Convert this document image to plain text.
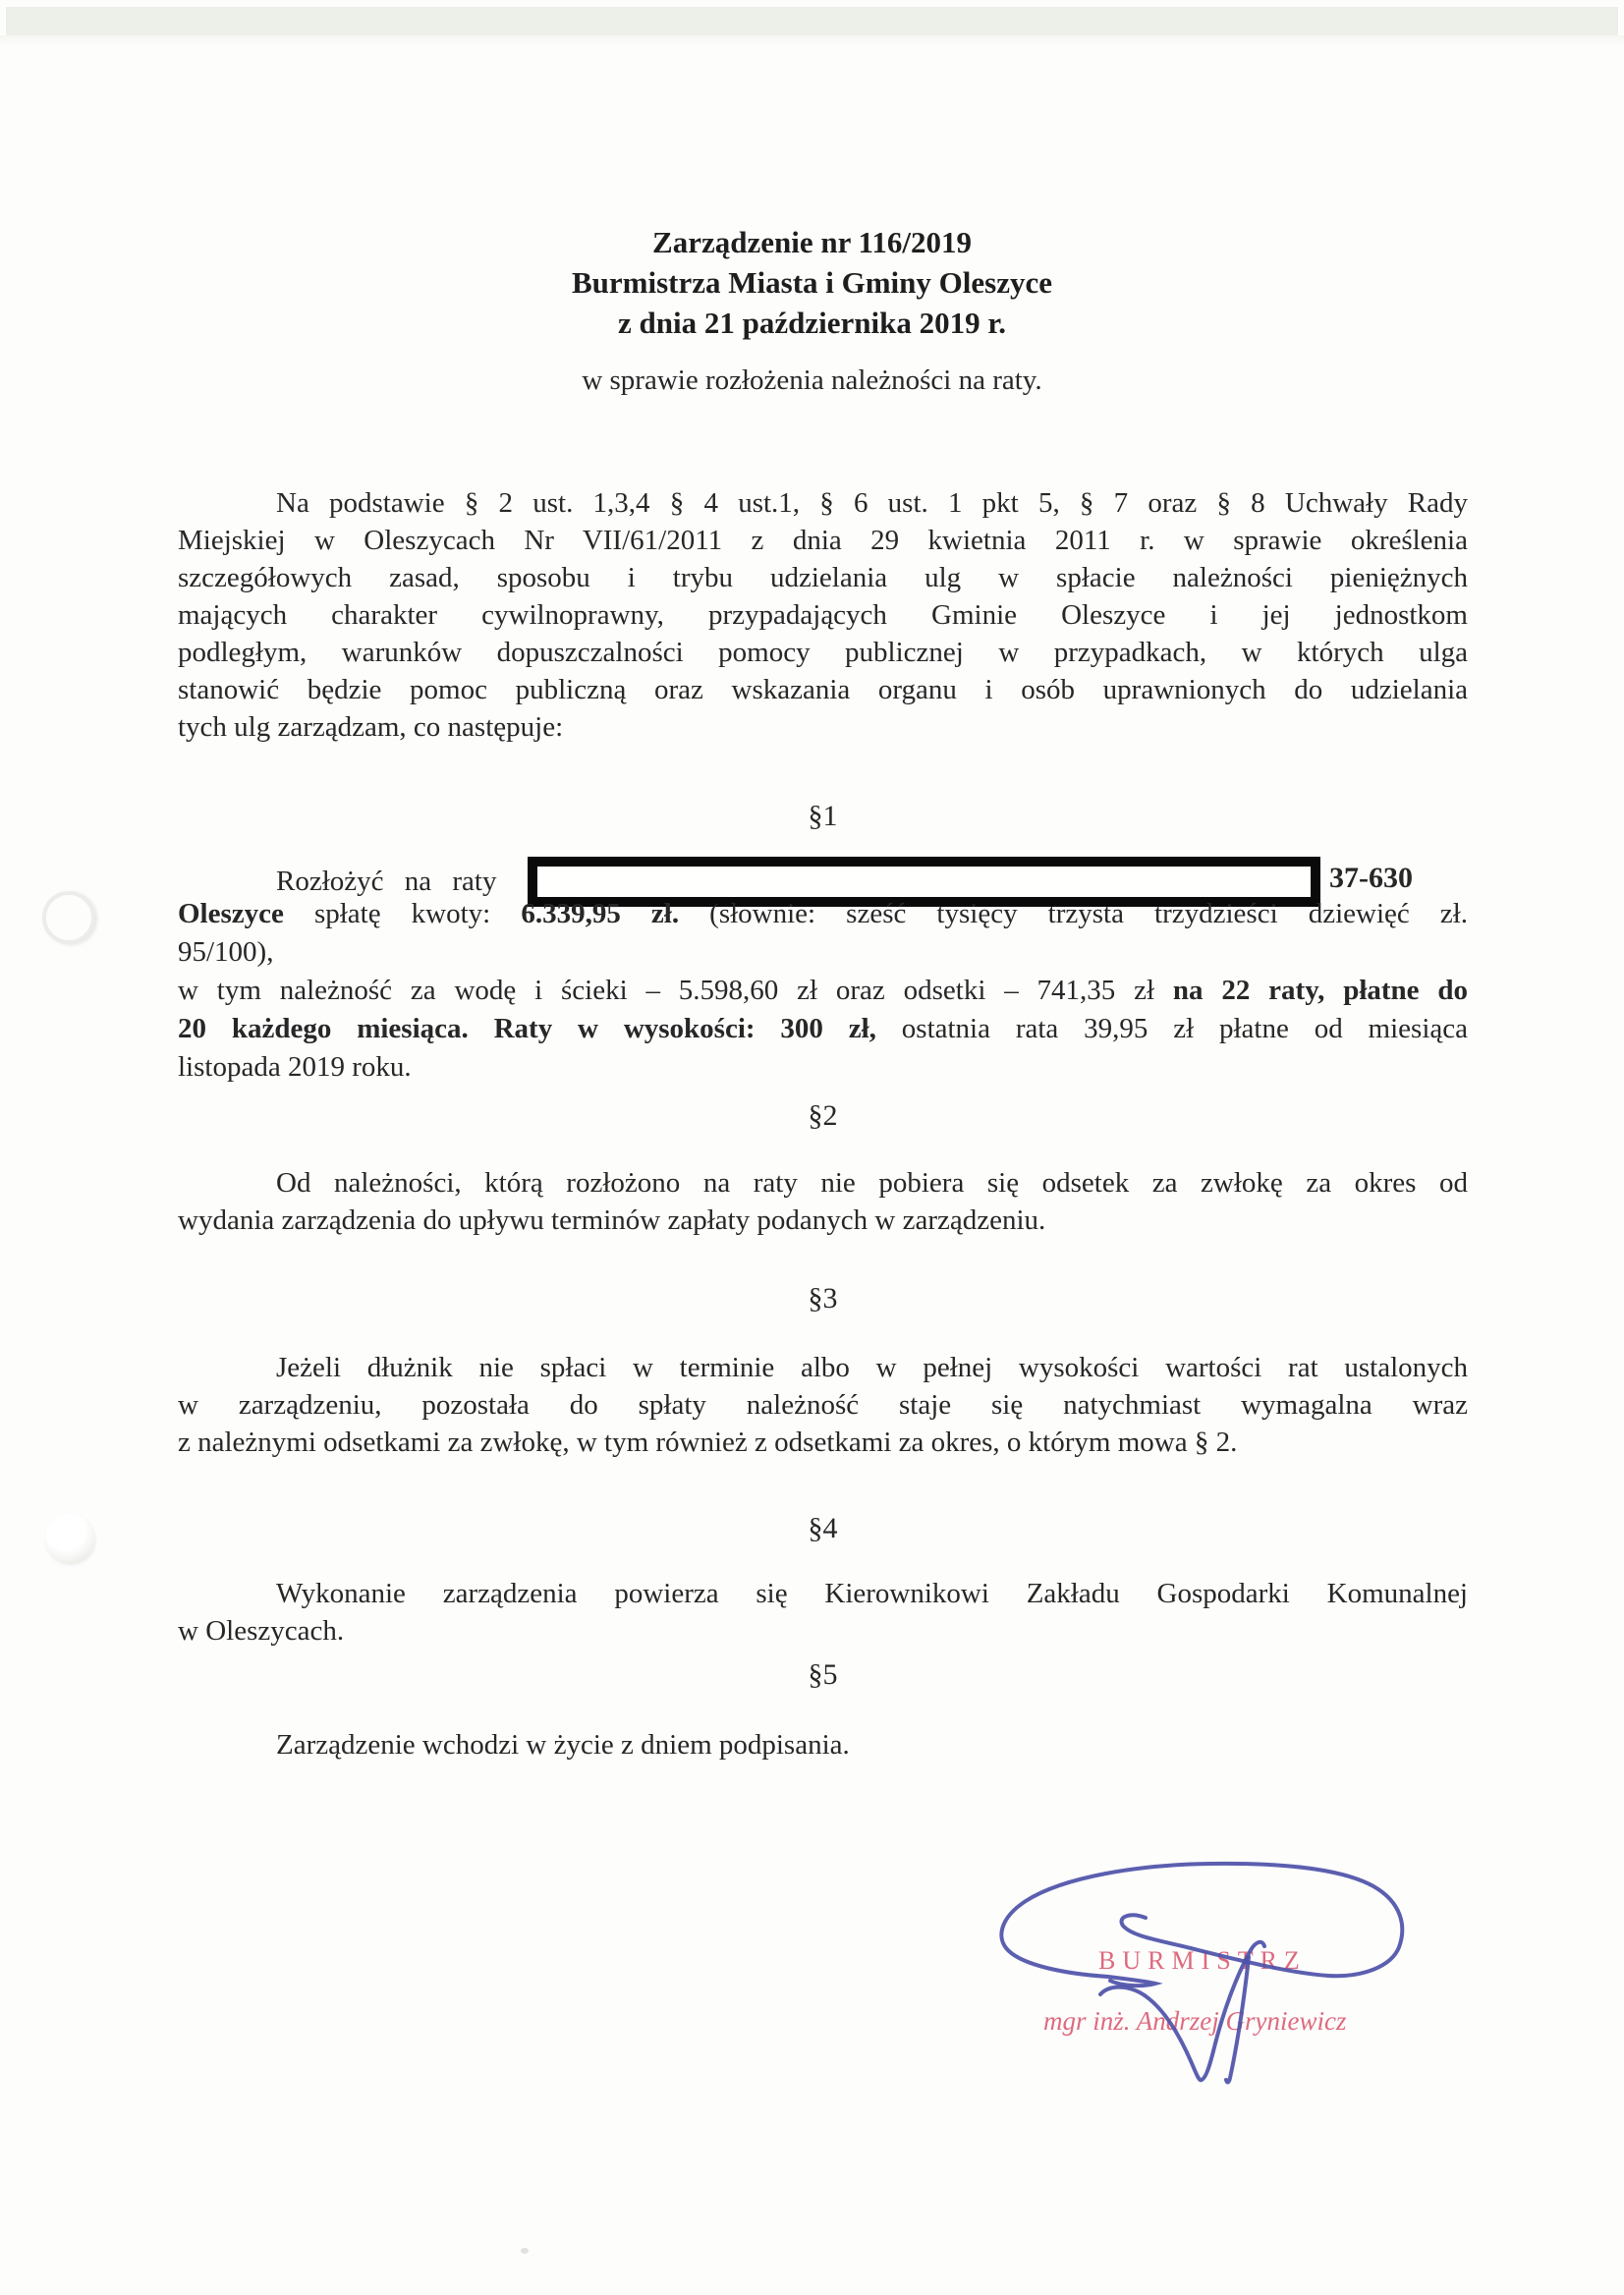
Zarządzenie nr 116/2019
Burmistrza Miasta i Gminy Oleszyce
z dnia 21 października 2019 r.
w sprawie rozłożenia należności na raty.
Na podstawie § 2 ust. 1,3,4 § 4 ust.1, § 6 ust. 1 pkt 5, § 7 oraz § 8 Uchwały Rady
Miejskiej w Oleszycach Nr VII/61/2011 z dnia 29 kwietnia 2011 r. w sprawie określenia
szczegółowych zasad, sposobu i trybu udzielania ulg w spłacie należności pieniężnych
mających charakter cywilnoprawny, przypadających Gminie Oleszyce i jej jednostkom
podległym, warunków dopuszczalności pomocy publicznej w przypadkach, w których ulga
stanowić będzie pomoc publiczną oraz wskazania organu i osób uprawnionych do udzielania
tych ulg zarządzam, co następuje:
§1
Rozłożyć na raty	37-630
Oleszyce spłatę kwoty: 6.339,95 zł. (słownie: sześć tysięcy trzysta trzydzieści dziewięć zł.
95/100),
w tym należność za wodę i ścieki – 5.598,60 zł oraz odsetki – 741,35 zł na 22 raty, płatne do
20 każdego miesiąca. Raty w wysokości: 300 zł, ostatnia rata 39,95 zł płatne od miesiąca
listopada 2019 roku.
§2
Od należności, którą rozłożono na raty nie pobiera się odsetek za zwłokę za okres od
wydania zarządzenia do upływu terminów zapłaty podanych w zarządzeniu.
§3
Jeżeli dłużnik nie spłaci w terminie albo w pełnej wysokości wartości rat ustalonych
w zarządzeniu, pozostała do spłaty należność staje się natychmiast wymagalna wraz
z należnymi odsetkami za zwłokę, w tym również z odsetkami za okres, o którym mowa § 2.
§4
Wykonanie zarządzenia powierza się Kierownikowi Zakładu Gospodarki Komunalnej
w Oleszycach.
§5
Zarządzenie wchodzi w życie z dniem podpisania.
BURMISTRZ
mgr inż. Andrzej Gryniewicz
